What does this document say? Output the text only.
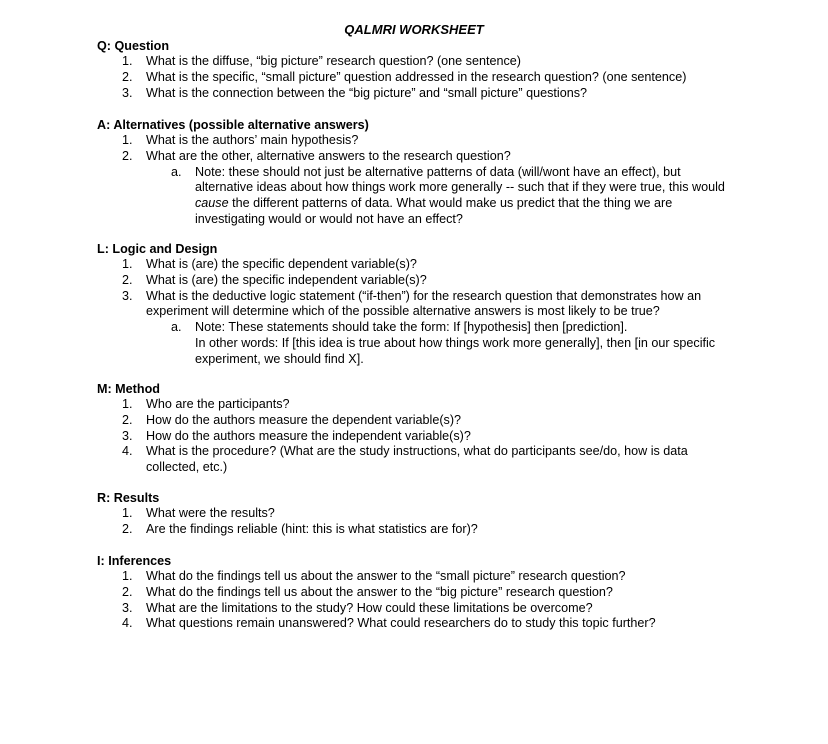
QALMRI WORKSHEET
Q: Question
1.	What is the diffuse, “big picture” research question? (one sentence)
2.	What is the specific, “small picture” question addressed in the research question? (one sentence)
3.	What is the connection between the “big picture” and “small picture” questions?
A: Alternatives (possible alternative answers)
1.	What is the authors’ main hypothesis?
2.	What are the other, alternative answers to the research question?
a.	Note: these should not just be alternative patterns of data (will/wont have an effect), but alternative ideas about how things work more generally -- such that if they were true, this would cause the different patterns of data. What would make us predict that the thing we are investigating would or would not have an effect?
L: Logic and Design
1.	What is (are) the specific dependent variable(s)?
2.	What is (are) the specific independent variable(s)?
3.	What is the deductive logic statement (“if-then”) for the research question that demonstrates how an experiment will determine which of the possible alternative answers is most likely to be true?
a.	Note: These statements should take the form: If [hypothesis] then [prediction].
In other words: If [this idea is true about how things work more generally], then [in our specific experiment, we should find X].
M: Method
1.	Who are the participants?
2.	How do the authors measure the dependent variable(s)?
3.	How do the authors measure the independent variable(s)?
4.	What is the procedure? (What are the study instructions, what do participants see/do, how is data collected, etc.)
R: Results
1.	What were the results?
2.	Are the findings reliable (hint: this is what statistics are for)?
I: Inferences
1.	What do the findings tell us about the answer to the “small picture” research question?
2.	What do the findings tell us about the answer to the “big picture” research question?
3.	What are the limitations to the study? How could these limitations be overcome?
4.	What questions remain unanswered? What could researchers do to study this topic further?
